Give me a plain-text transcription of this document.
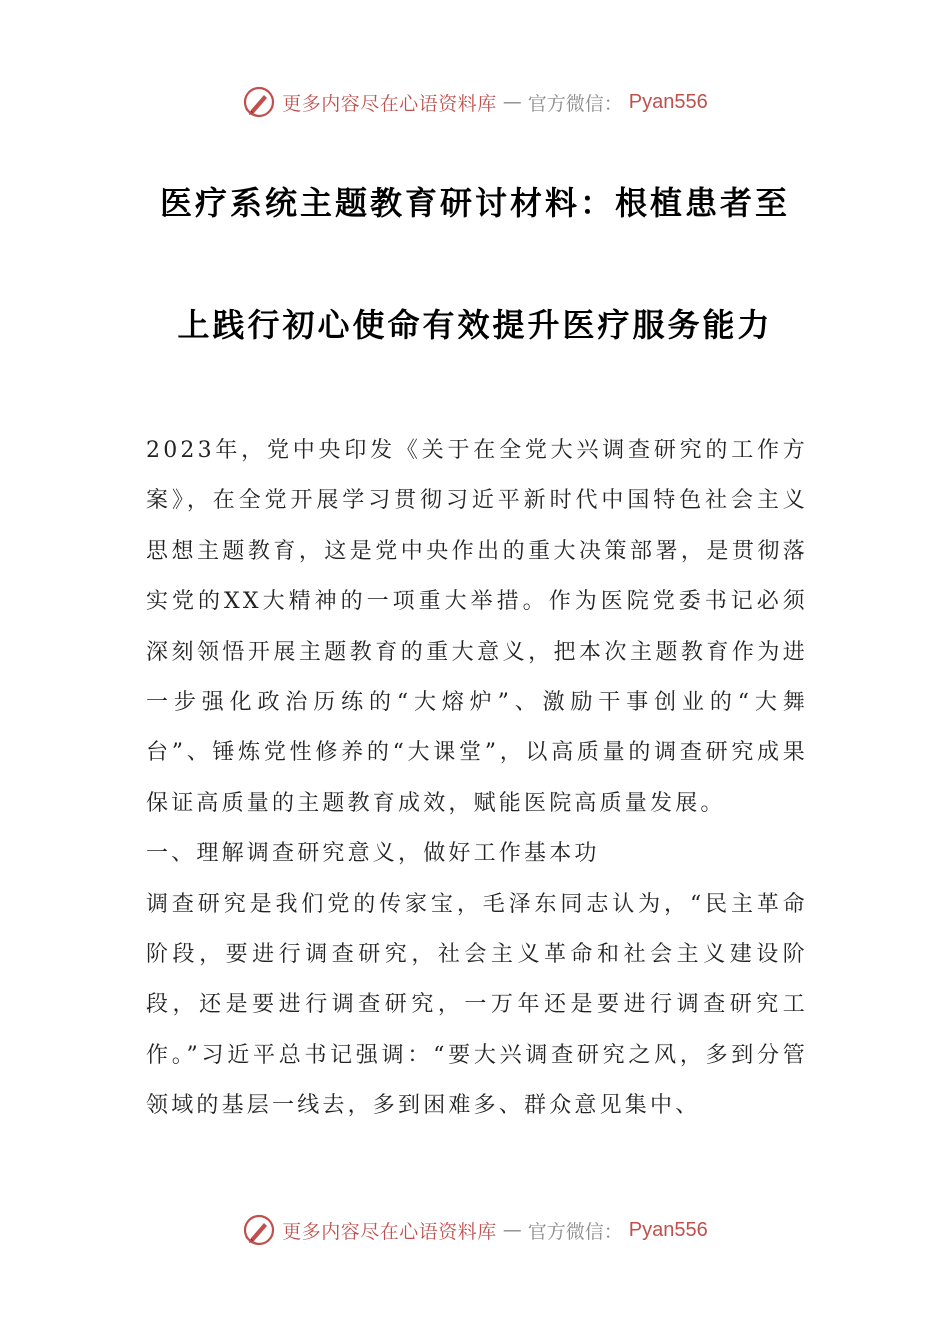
更多内容尽在心语资料库 — 官方微信： Pyan556
医疗系统主题教育研讨材料：根植患者至
上践行初心使命有效提升医疗服务能力

2023年，党中央印发《关于在全党大兴调查研究的工作方案》，在全党开展学习贯彻习近平新时代中国特色社会主义思想主题教育，这是党中央作出的重大决策部署，是贯彻落实党的XX大精神的一项重大举措。作为医院党委书记必须深刻领悟开展主题教育的重大意义，把本次主题教育作为进一步强化政治历练的“大熔炉”、激励干事创业的“大舞台”、锤炼党性修养的“大课堂”，以高质量的调查研究成果保证高质量的主题教育成效，赋能医院高质量发展。

一、理解调查研究意义，做好工作基本功

调查研究是我们党的传家宝，毛泽东同志认为，“民主革命阶段，要进行调查研究，社会主义革命和社会主义建设阶段，还是要进行调查研究，一万年还是要进行调查研究工作。”习近平总书记强调：“要大兴调查研究之风，多到分管领域的基层一线去，多到困难多、群众意见集中、

更多内容尽在心语资料库 — 官方微信： Pyan556
